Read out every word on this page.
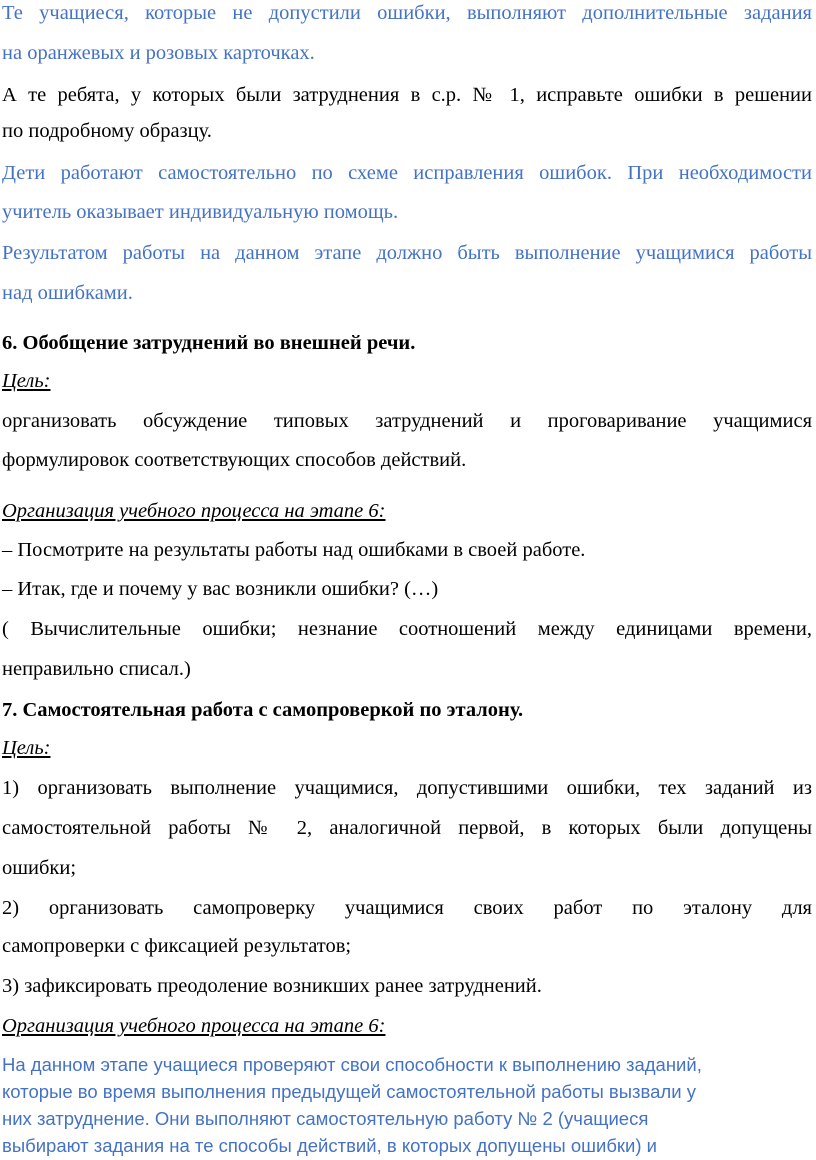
Те учащиеся, которые не допустили ошибки, выполняют дополнительные задания

на оранжевых и розовых карточках.

А те ребята, у которых были затруднения в с.р. № 1, исправьте ошибки в решении

по подробному образцу.

Дети работают самостоятельно по схеме исправления ошибок. При необходимости

учитель оказывает индивидуальную помощь.

Результатом работы на данном этапе должно быть выполнение учащимися работы

над ошибками.

6. Обобщение затруднений во внешней речи.

Цель:

организовать обсуждение типовых затруднений и проговаривание учащимися

формулировок соответствующих способов действий.

Организация учебного процесса на этапе 6:

– Посмотрите на результаты работы над ошибками в своей работе.

– Итак, где и почему у вас возникли ошибки? (…)

( Вычислительные ошибки; незнание соотношений между единицами времени,

неправильно списал.)

7. Самостоятельная работа с самопроверкой по эталону.

Цель:

1) организовать выполнение учащимися, допустившими ошибки, тех заданий из

самостоятельной работы № 2, аналогичной первой, в которых были допущены

ошибки;

2) организовать самопроверку учащимися своих работ по эталону для

самопроверки с фиксацией результатов;

3) зафиксировать преодоление возникших ранее затруднений.

Организация учебного процесса на этапе 6:

На данном этапе учащиеся проверяют свои способности к выполнению заданий,

которые во время выполнения предыдущей самостоятельной работы вызвали у

них затруднение. Они выполняют самостоятельную работу № 2 (учащиеся

выбирают задания на те способы действий, в которых допущены ошибки) и
